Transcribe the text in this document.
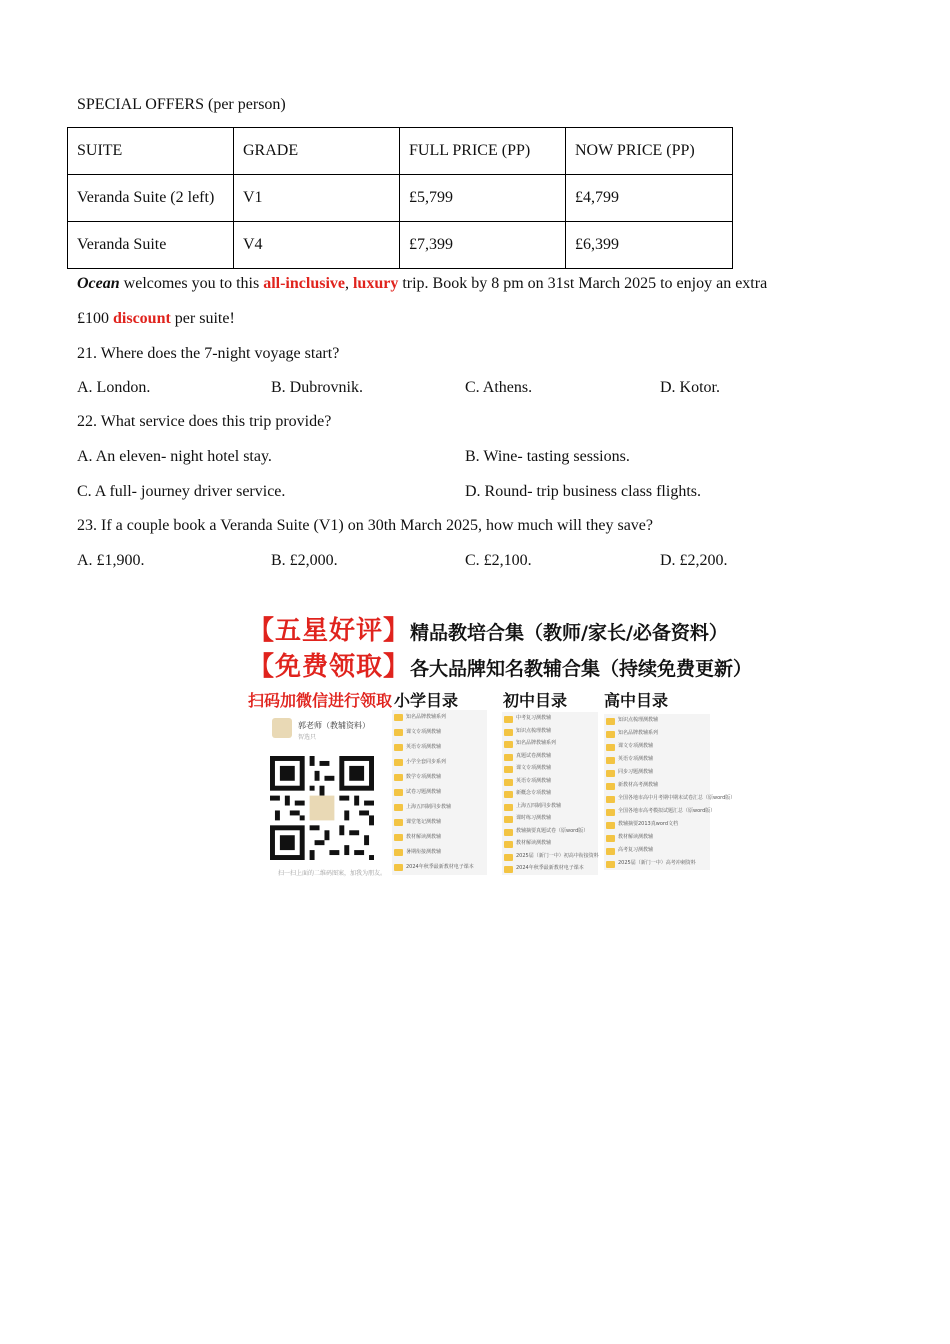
SPECIAL OFFERS (per person)
SUITE	GRADE	FULL PRICE (PP)	NOW PRICE (PP)
Veranda Suite (2 left)	V1	£5,799	£4,799
Veranda Suite	V4	£7,399	£6,399
Ocean welcomes you to this all-inclusive, luxury trip. Book by 8 pm on 31st March 2025 to enjoy an extra
£100 discount per suite!
21. Where does the 7-night voyage start?
A. London.	B. Dubrovnik.	C. Athens.	D. Kotor.
22. What service does this trip provide?
A. An eleven- night hotel stay.	B. Wine- tasting sessions.
C. A full- journey driver service.	D. Round- trip business class flights.
23. If a couple book a Veranda Suite (V1) on 30th March 2025, how much will they save?
A. £1,900.	B. £2,000.	C. £2,100.	D. £2,200.
【五星好评】精品教培合集（教师/家长/必备资料）
【免费领取】各大品牌知名教辅合集（持续免费更新）
扫码加微信进行领取 小学目录	初中目录 高中目录
郭老师（教辅资料）
智选只
扫一扫上面的二维码图案，加我为朋友。
知名品牌教辅系列
课文专项测教辅
英语专项测教辅
小学全套同步系列
数学专项测教辅
试卷习题测教辅
上海五四制同步教辅
课堂笔记测教辅
教材解读测教辅
暑期衔接测教辅
2024年秋季最新教材电子课本
中考复习测教辅
知识点梳理教辅
知名品牌教辅系列
真题试卷测教辅
课文专项测教辅
英语专项测教辅
新概念专项教辅
上海五四制同步教辅
课时练习测教辅
教辅摘要真题试卷（原word版）
教材解读测教辅
2025届（新门一中）初高中衔接资料
2024年秋季最新教材电子课本
知识点梳理测教辅
知名品牌教辅系列
课文专项测教辅
英语专项测教辅
同步习题测教辅
新教材高考测教辅
全国各地市高中月考期中期末试卷汇总（原word版）
全国各地市高考模拟试题汇总（原word版）
教辅摘要2013真word文档
教材解读测教辅
高考复习测教辅
2025届（新门一中）高考冲刺资料
